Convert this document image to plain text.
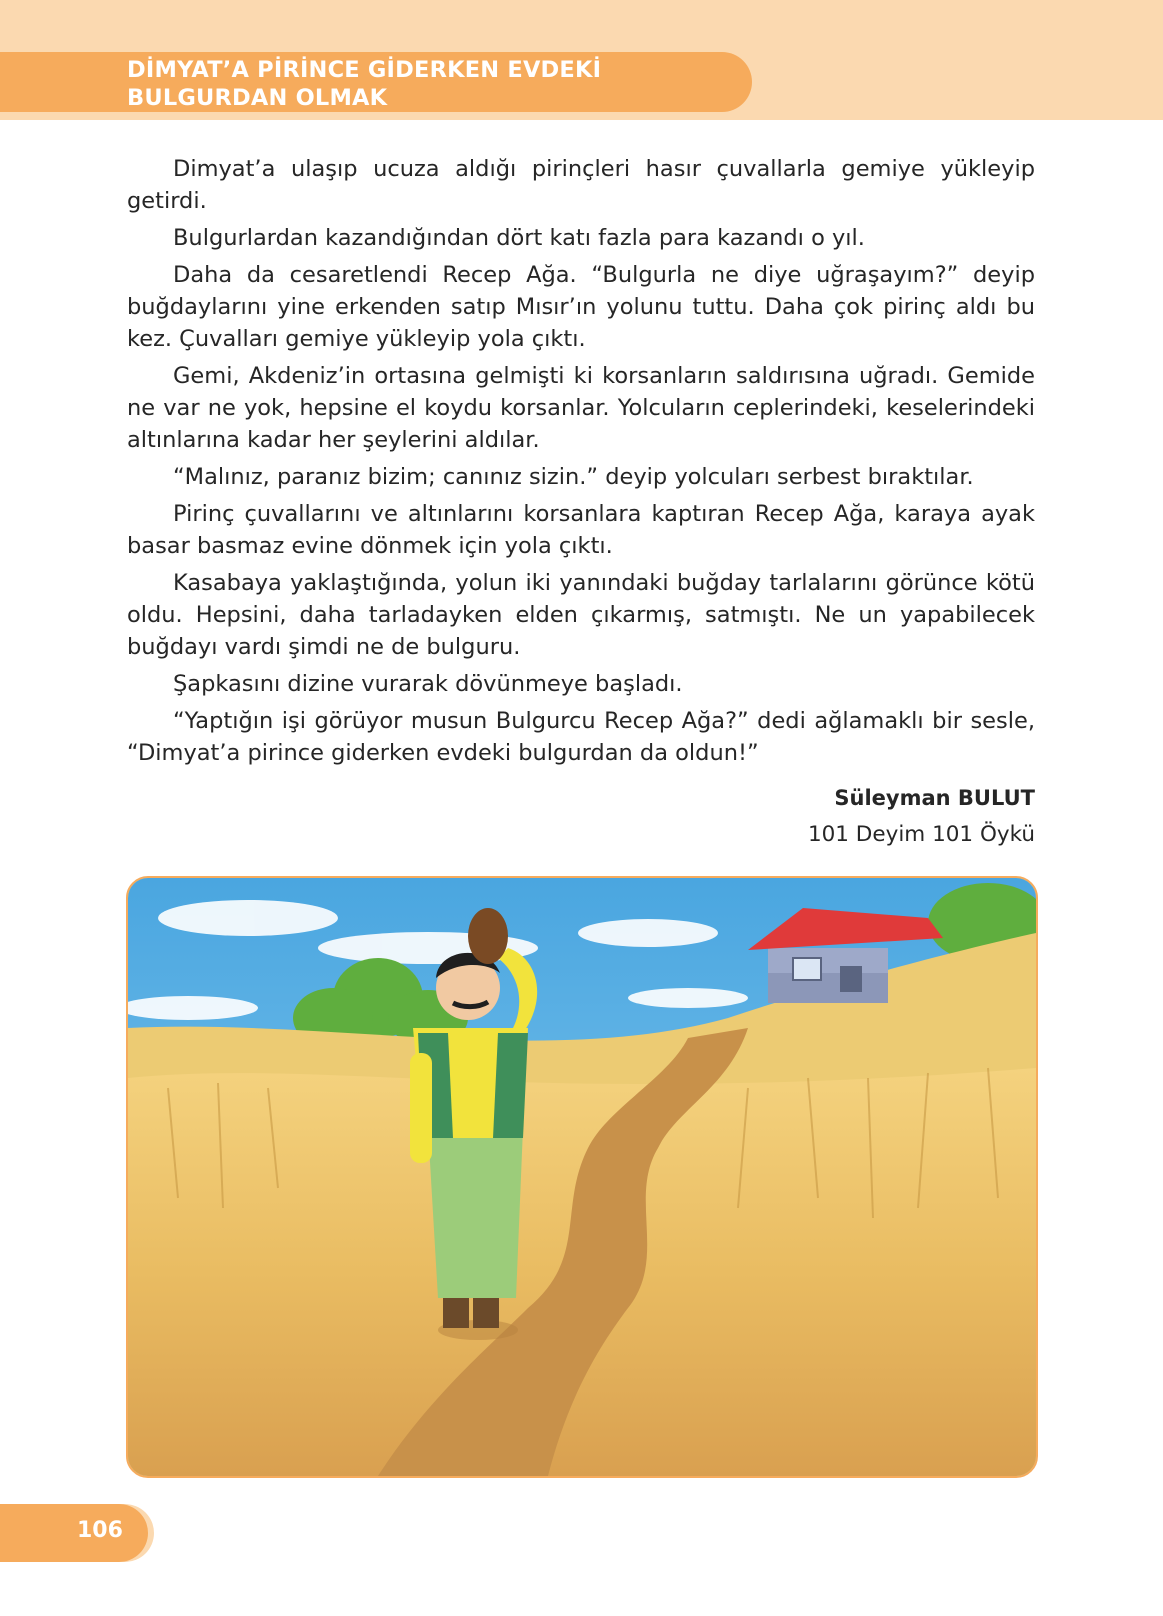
DİMYAT’A PİRİNCE GİDERKEN EVDEKİ
BULGURDAN OLMAK

Dimyat’a ulaşıp ucuza aldığı pirinçleri hasır çuvallarla gemiye yükleyip getirdi.

Bulgurlardan kazandığından dört katı fazla para kazandı o yıl.

Daha da cesaretlendi Recep Ağa. “Bulgurla ne diye uğraşayım?” deyip buğdaylarını yine erkenden satıp Mısır’ın yolunu tuttu. Daha çok pirinç aldı bu kez. Çuvalları gemiye yükleyip yola çıktı.

Gemi, Akdeniz’in ortasına gelmişti ki korsanların saldırısına uğradı. Gemide ne var ne yok, hepsine el koydu korsanlar. Yolcuların ceplerindeki, keselerindeki altınlarına kadar her şeylerini aldılar.

“Malınız, paranız bizim; canınız sizin.” deyip yolcuları serbest bıraktılar.

Pirinç çuvallarını ve altınlarını korsanlara kaptıran Recep Ağa, karaya ayak basar basmaz evine dönmek için yola çıktı.

Kasabaya yaklaştığında, yolun iki yanındaki buğday tarlalarını görünce kötü oldu. Hepsini, daha tarladayken elden çıkarmış, satmıştı. Ne un yapabilecek buğdayı vardı şimdi ne de bulguru.

Şapkasını dizine vurarak dövünmeye başladı.

“Yaptığın işi görüyor musun Bulgurcu Recep Ağa?” dedi ağlamaklı bir sesle, “Dimyat’a pirince giderken evdeki bulgurdan da oldun!”

Süleyman BULUT
101 Deyim 101 Öykü
106
